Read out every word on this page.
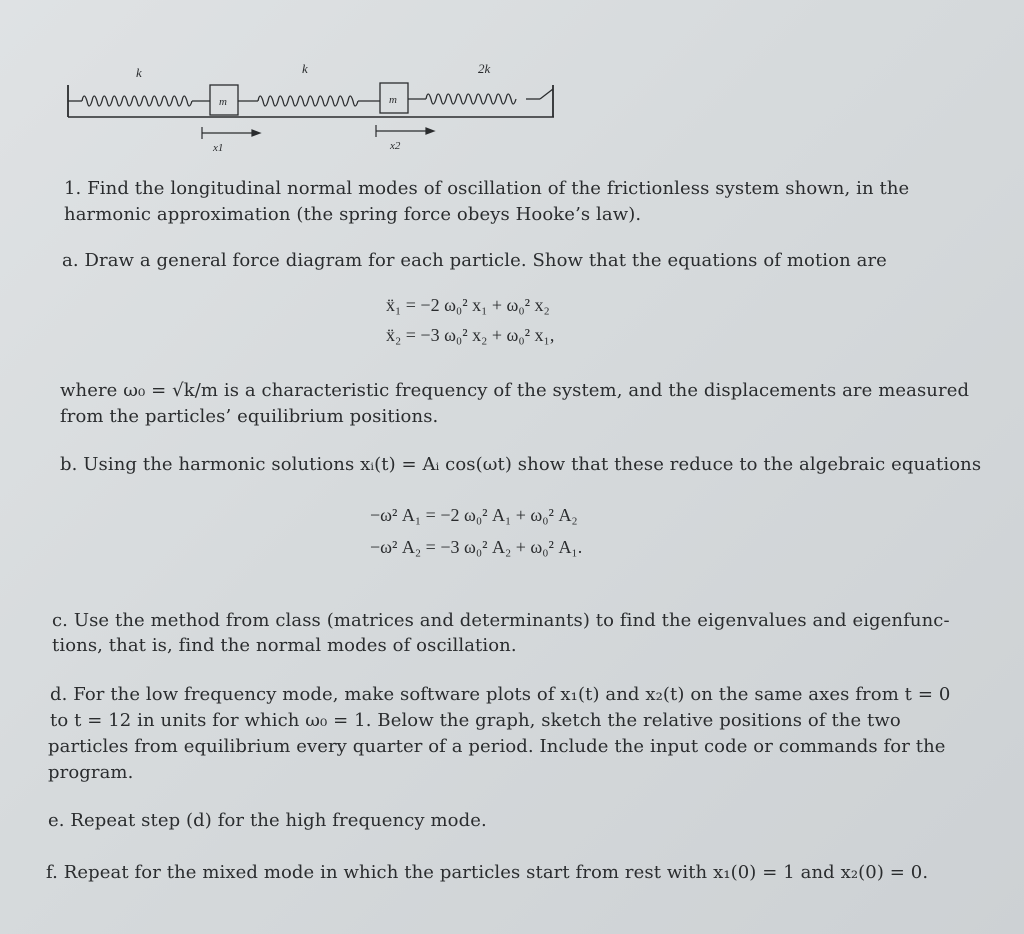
k	k	2k
m	m
x1	x2
1. Find the longitudinal normal modes of oscillation of the frictionless system shown, in the
harmonic approximation (the spring force obeys Hooke’s law).
a. Draw a general force diagram for each particle. Show that the equations of motion are
ẍ₁ = −2 ω₀² x₁ + ω₀² x₂
ẍ₂ = −3 ω₀² x₂ + ω₀² x₁,
where ω₀ = √k/m is a characteristic frequency of the system, and the displacements are measured
from the particles’ equilibrium positions.
b. Using the harmonic solutions xᵢ(t) = Aᵢ cos(ωt) show that these reduce to the algebraic equations
−ω² A₁ = −2 ω₀² A₁ + ω₀² A₂
−ω² A₂ = −3 ω₀² A₂ + ω₀² A₁.
c. Use the method from class (matrices and determinants) to find the eigenvalues and eigenfunc-
tions, that is, find the normal modes of oscillation.
d. For the low frequency mode, make software plots of x₁(t) and x₂(t) on the same axes from t = 0
to t = 12 in units for which ω₀ = 1. Below the graph, sketch the relative positions of the two
particles from equilibrium every quarter of a period. Include the input code or commands for the
program.
e. Repeat step (d) for the high frequency mode.
f. Repeat for the mixed mode in which the particles start from rest with x₁(0) = 1 and x₂(0) = 0.
